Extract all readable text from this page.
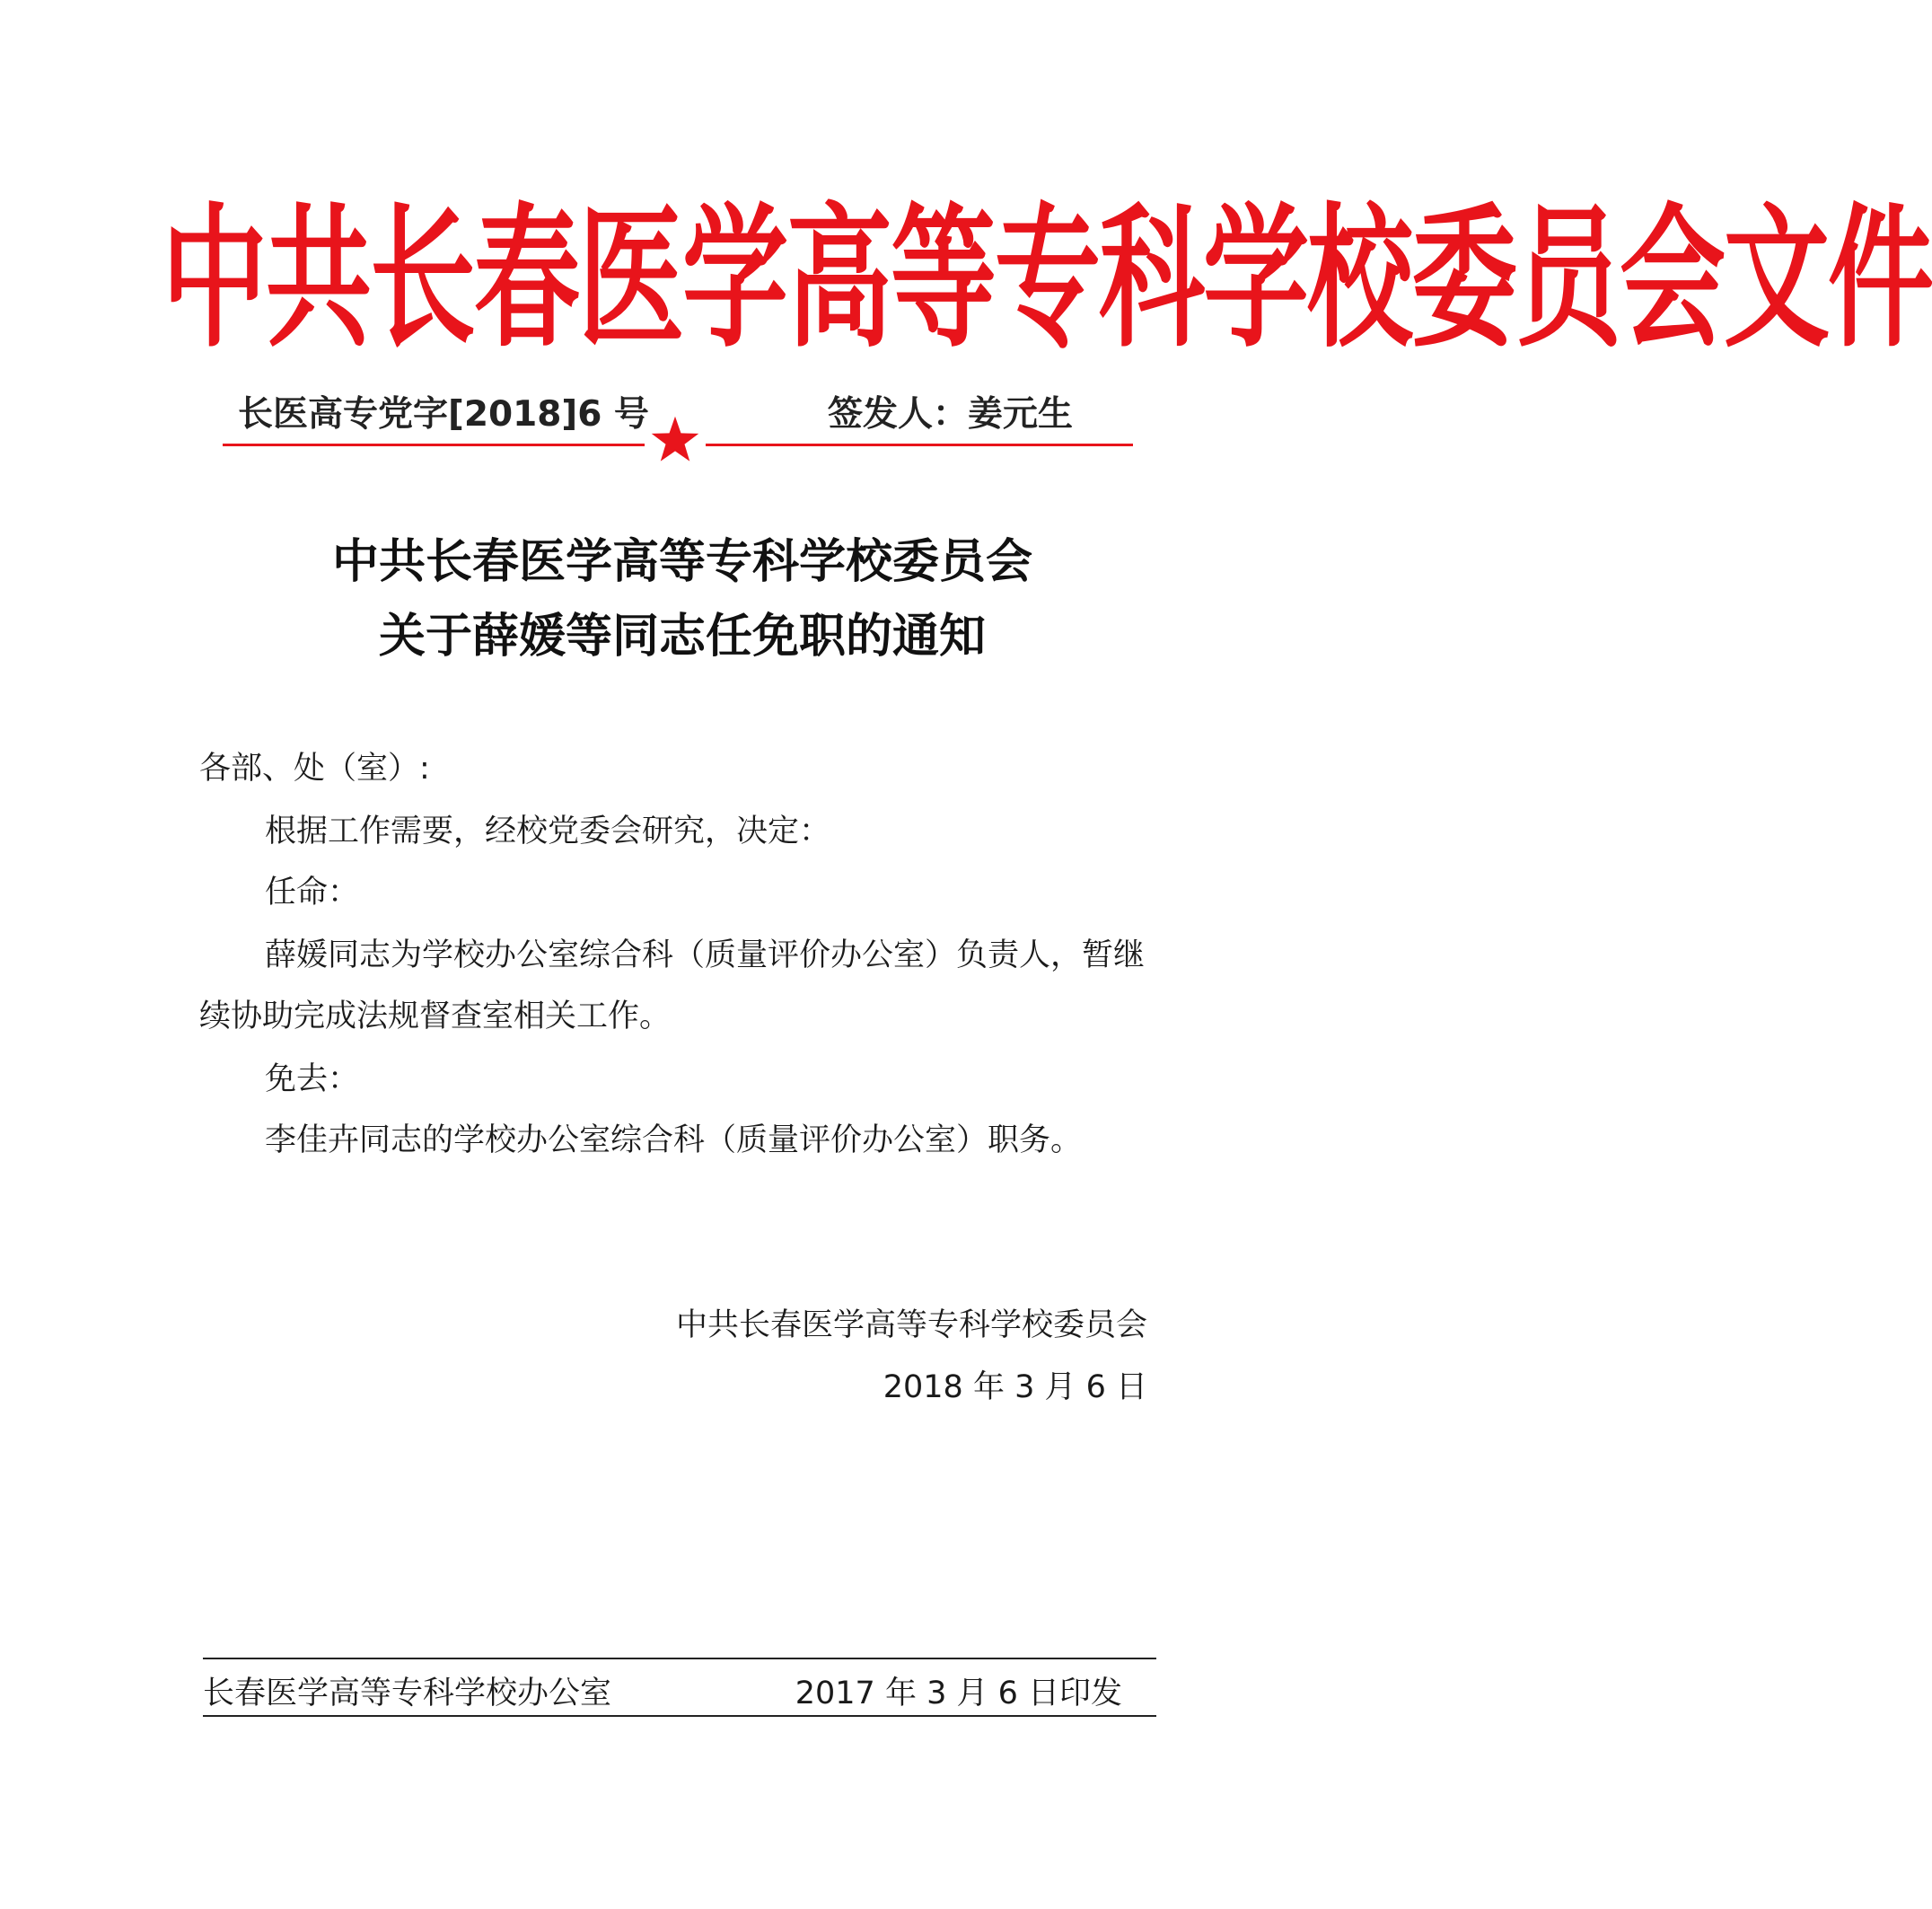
中共长春医学高等专科学校委员会文件
长医高专党字[2018]6 号	签发人：姜元生
中共长春医学高等专科学校委员会
关于薛媛等同志任免职的通知
各部、处（室）:
根据工作需要，经校党委会研究，决定：
任命：
薛媛同志为学校办公室综合科（质量评价办公室）负责人，暂继
续协助完成法规督查室相关工作。
免去：
李佳卉同志的学校办公室综合科（质量评价办公室）职务。
中共长春医学高等专科学校委员会
2018 年 3 月 6 日
长春医学高等专科学校办公室	2017 年 3 月 6 日印发
